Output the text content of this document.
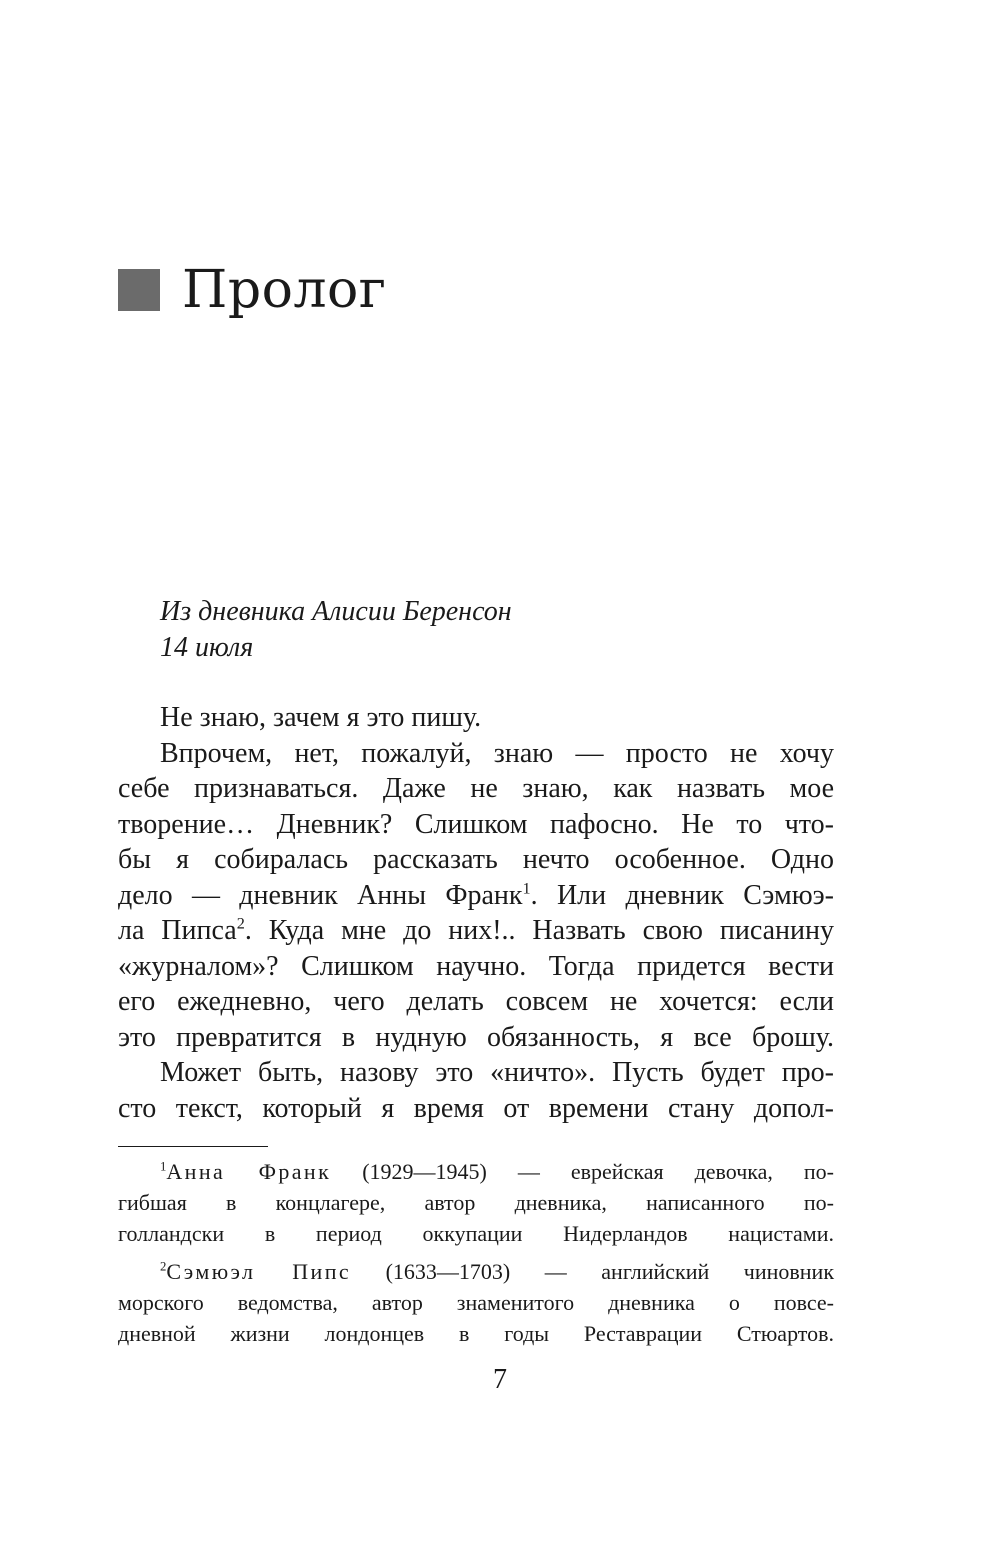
Пролог
Из дневника Алисии Беренсон
14 июля
Не знаю, зачем я это пишу.
Впрочем, нет, пожалуй, знаю — просто не хочу
себе признаваться. Даже не знаю, как назвать мое
творение… Дневник? Слишком пафосно. Не то что-
бы я собиралась рассказать нечто особенное. Одно
дело — дневник Анны Франк$^1$. Или дневник Сэмюэ-
ла Пипса$^2$. Куда мне до них!.. Назвать свою писанину
«журналом»? Слишком научно. Тогда придется вести
его ежедневно, чего делать совсем не хочется: если
это превратится в нудную обязанность, я все брошу.
Может быть, назову это «ничто». Пусть будет про-
сто текст, который я время от времени стану допол-
$^1$Анна Франк (1929—1945) — еврейская девочка, по-
гибшая в концлагере, автор дневника, написанного по-
голландски в период оккупации Нидерландов нацистами.
$^2$Сэмюэл Пипс (1633—1703) — английский чиновник
морского ведомства, автор знаменитого дневника о повсе-
дневной жизни лондонцев в годы Реставрации Стюартов.
7
